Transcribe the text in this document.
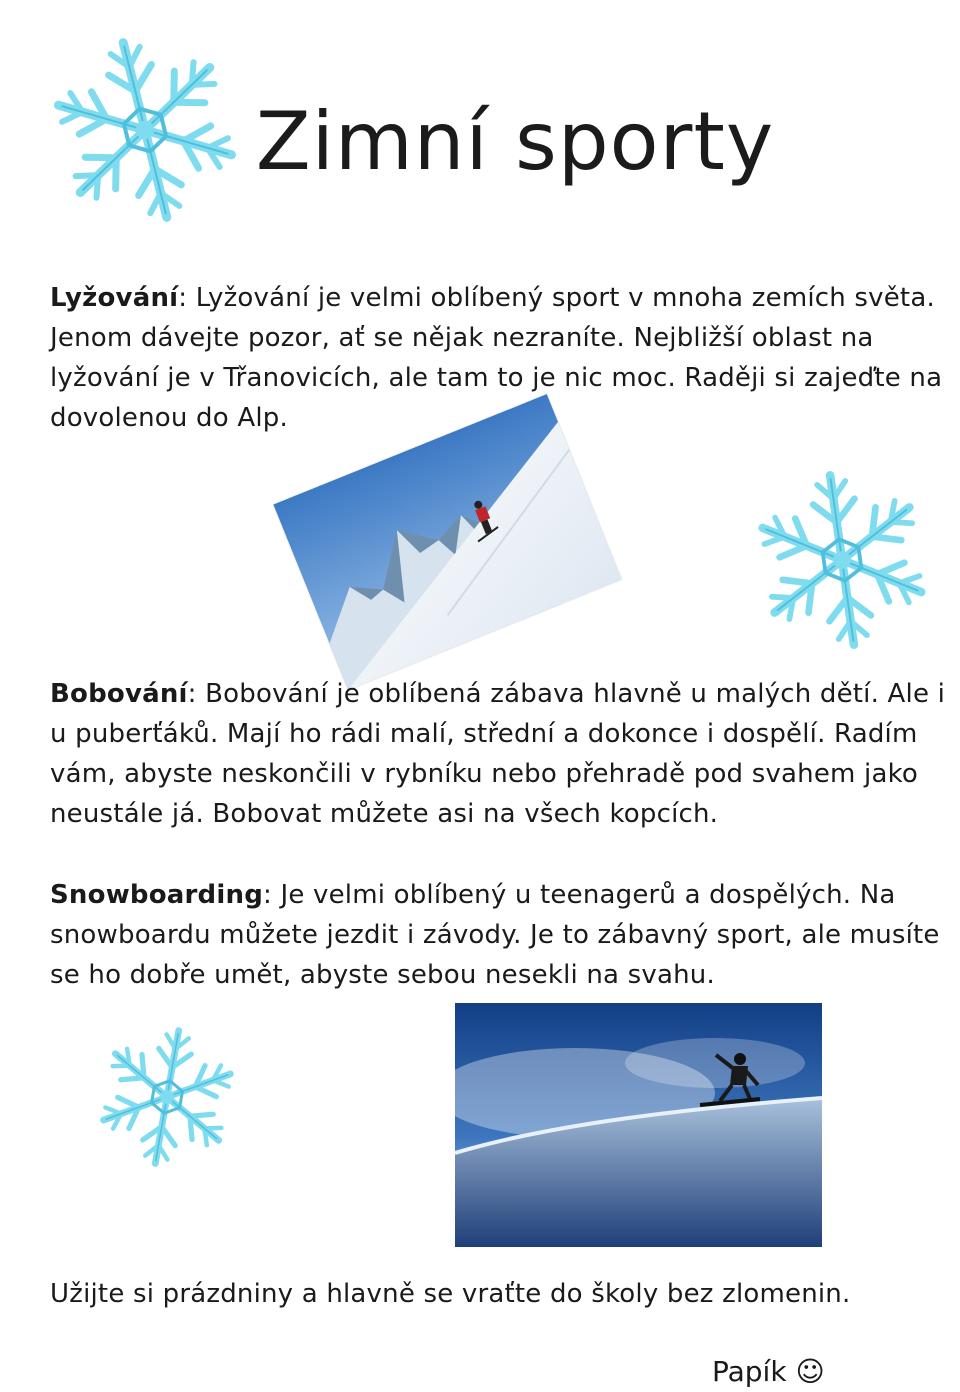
Zimní sporty

Lyžování: Lyžování je velmi oblíbený sport v mnoha zemích světa. Jenom dávejte pozor, ať se nějak nezraníte. Nejbližší oblast na lyžování je v Třanovicích, ale tam to je nic moc. Raději si zajeďte na dovolenou do Alp.

Bobování: Bobování je oblíbená zábava hlavně u malých dětí. Ale i u puberťáků. Mají ho rádi malí, střední a dokonce i dospělí. Radím vám, abyste neskončili v rybníku nebo přehradě pod svahem jako neustále já. Bobovat můžete asi na všech kopcích.

Snowboarding: Je velmi oblíbený u teenagerů a dospělých. Na snowboardu můžete jezdit i závody. Je to zábavný sport, ale musíte se ho dobře umět, abyste sebou nesekli na svahu.

Užijte si prázdniny a hlavně se vraťte do školy bez zlomenin.

Papík ☺
